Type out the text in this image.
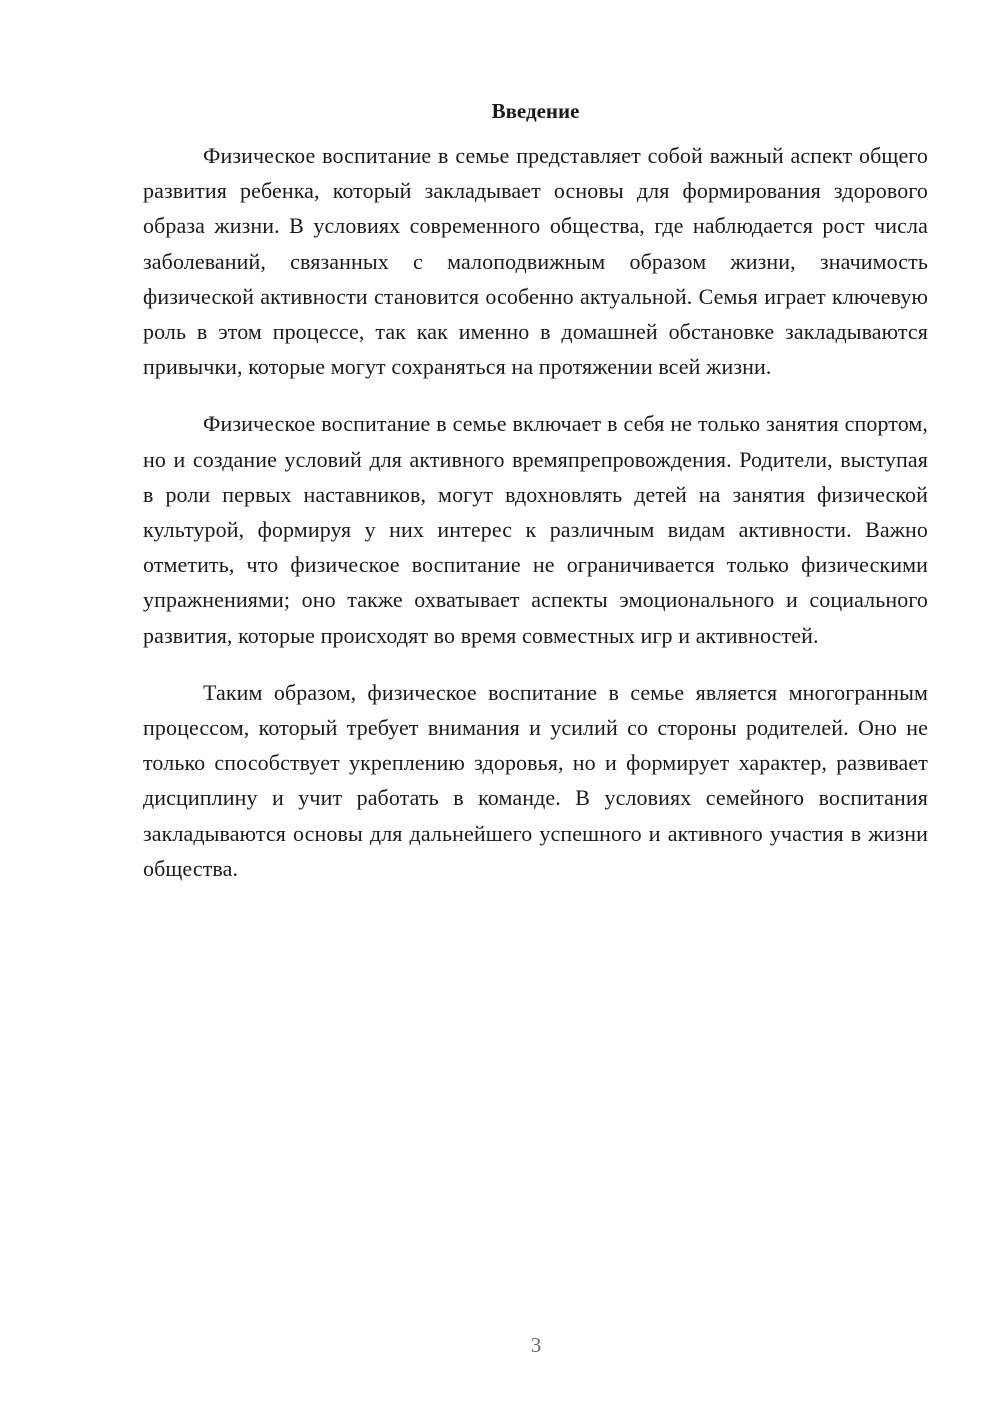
Введение

Физическое воспитание в семье представляет собой важный аспект общего развития ребенка, который закладывает основы для формирования здорового образа жизни. В условиях современного общества, где наблюдается рост числа заболеваний, связанных с малоподвижным образом жизни, значимость физической активности становится особенно актуальной. Семья играет ключевую роль в этом процессе, так как именно в домашней обстановке закладываются привычки, которые могут сохраняться на протяжении всей жизни.

Физическое воспитание в семье включает в себя не только занятия спортом, но и создание условий для активного времяпрепровождения. Родители, выступая в роли первых наставников, могут вдохновлять детей на занятия физической культурой, формируя у них интерес к различным видам активности. Важно отметить, что физическое воспитание не ограничивается только физическими упражнениями; оно также охватывает аспекты эмоционального и социального развития, которые происходят во время совместных игр и активностей.

Таким образом, физическое воспитание в семье является многогранным процессом, который требует внимания и усилий со стороны родителей. Оно не только способствует укреплению здоровья, но и формирует характер, развивает дисциплину и учит работать в команде. В условиях семейного воспитания закладываются основы для дальнейшего успешного и активного участия в жизни общества.

3
